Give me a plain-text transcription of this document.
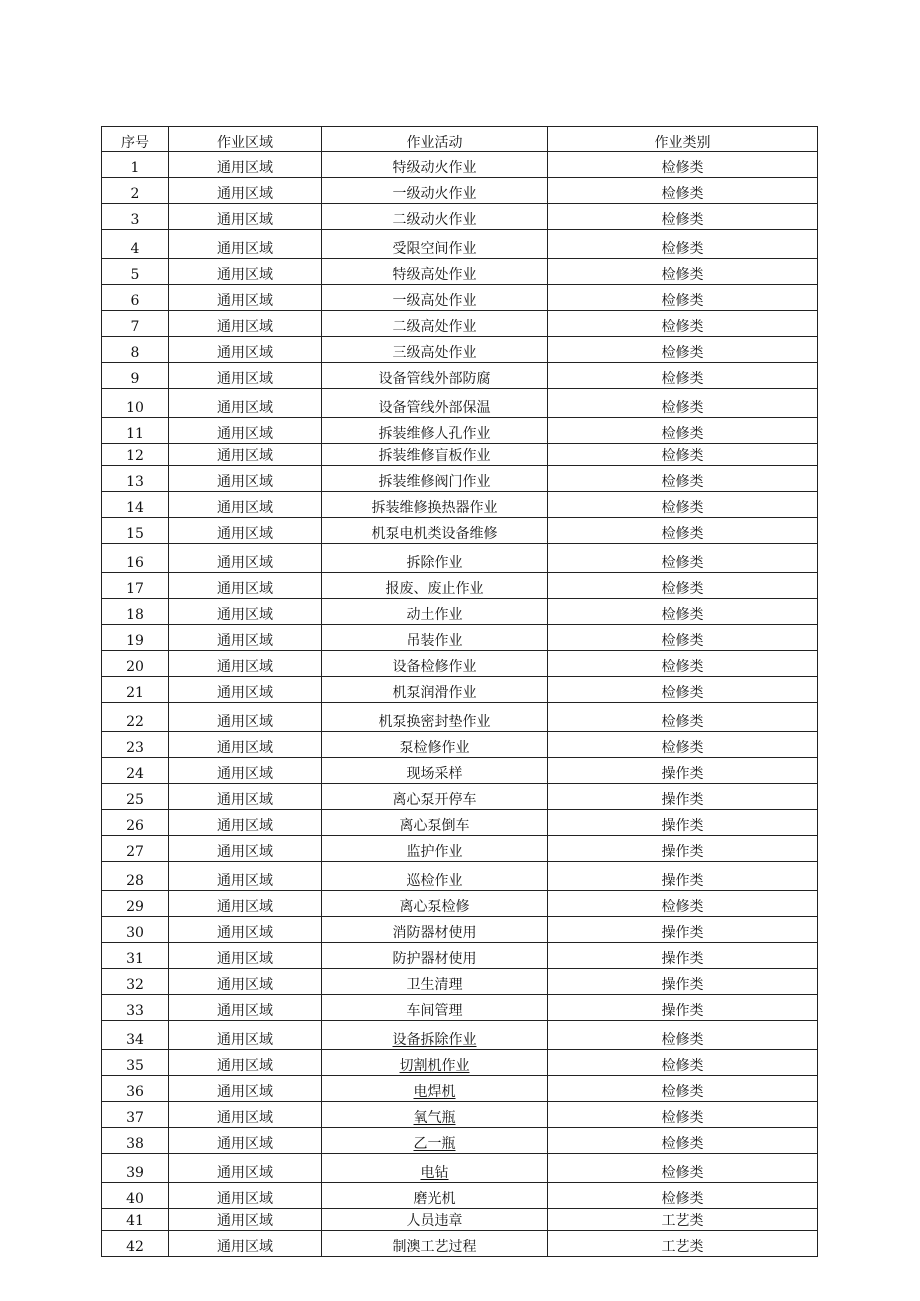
序号	作业区域	作业活动	作业类别
1	通用区域	特级动火作业	检修类
2	通用区域	一级动火作业	检修类
3	通用区域	二级动火作业	检修类
4	通用区域	受限空间作业	检修类
5	通用区域	特级高处作业	检修类
6	通用区域	一级高处作业	检修类
7	通用区域	二级高处作业	检修类
8	通用区域	三级高处作业	检修类
9	通用区域	设备管线外部防腐	检修类
10	通用区域	设备管线外部保温	检修类
11	通用区域	拆装维修人孔作业	检修类
12	通用区域	拆装维修盲板作业	检修类
13	通用区域	拆装维修阀门作业	检修类
14	通用区域	拆装维修换热器作业	检修类
15	通用区域	机泵电机类设备维修	检修类
16	通用区域	拆除作业	检修类
17	通用区域	报废、废止作业	检修类
18	通用区域	动土作业	检修类
19	通用区域	吊装作业	检修类
20	通用区域	设备检修作业	检修类
21	通用区域	机泵润滑作业	检修类
22	通用区域	机泵换密封垫作业	检修类
23	通用区域	泵检修作业	检修类
24	通用区域	现场采样	操作类
25	通用区域	离心泵开停车	操作类
26	通用区域	离心泵倒车	操作类
27	通用区域	监护作业	操作类
28	通用区域	巡检作业	操作类
29	通用区域	离心泵检修	检修类
30	通用区域	消防器材使用	操作类
31	通用区域	防护器材使用	操作类
32	通用区域	卫生清理	操作类
33	通用区域	车间管理	操作类
34	通用区域	设备拆除作业	检修类
35	通用区域	切割机作业	检修类
36	通用区域	电焊机	检修类
37	通用区域	氧气瓶	检修类
38	通用区域	乙一瓶	检修类
39	通用区域	电钻	检修类
40	通用区域	磨光机	检修类
41	通用区域	人员违章	工艺类
42	通用区域	制澳工艺过程	工艺类
